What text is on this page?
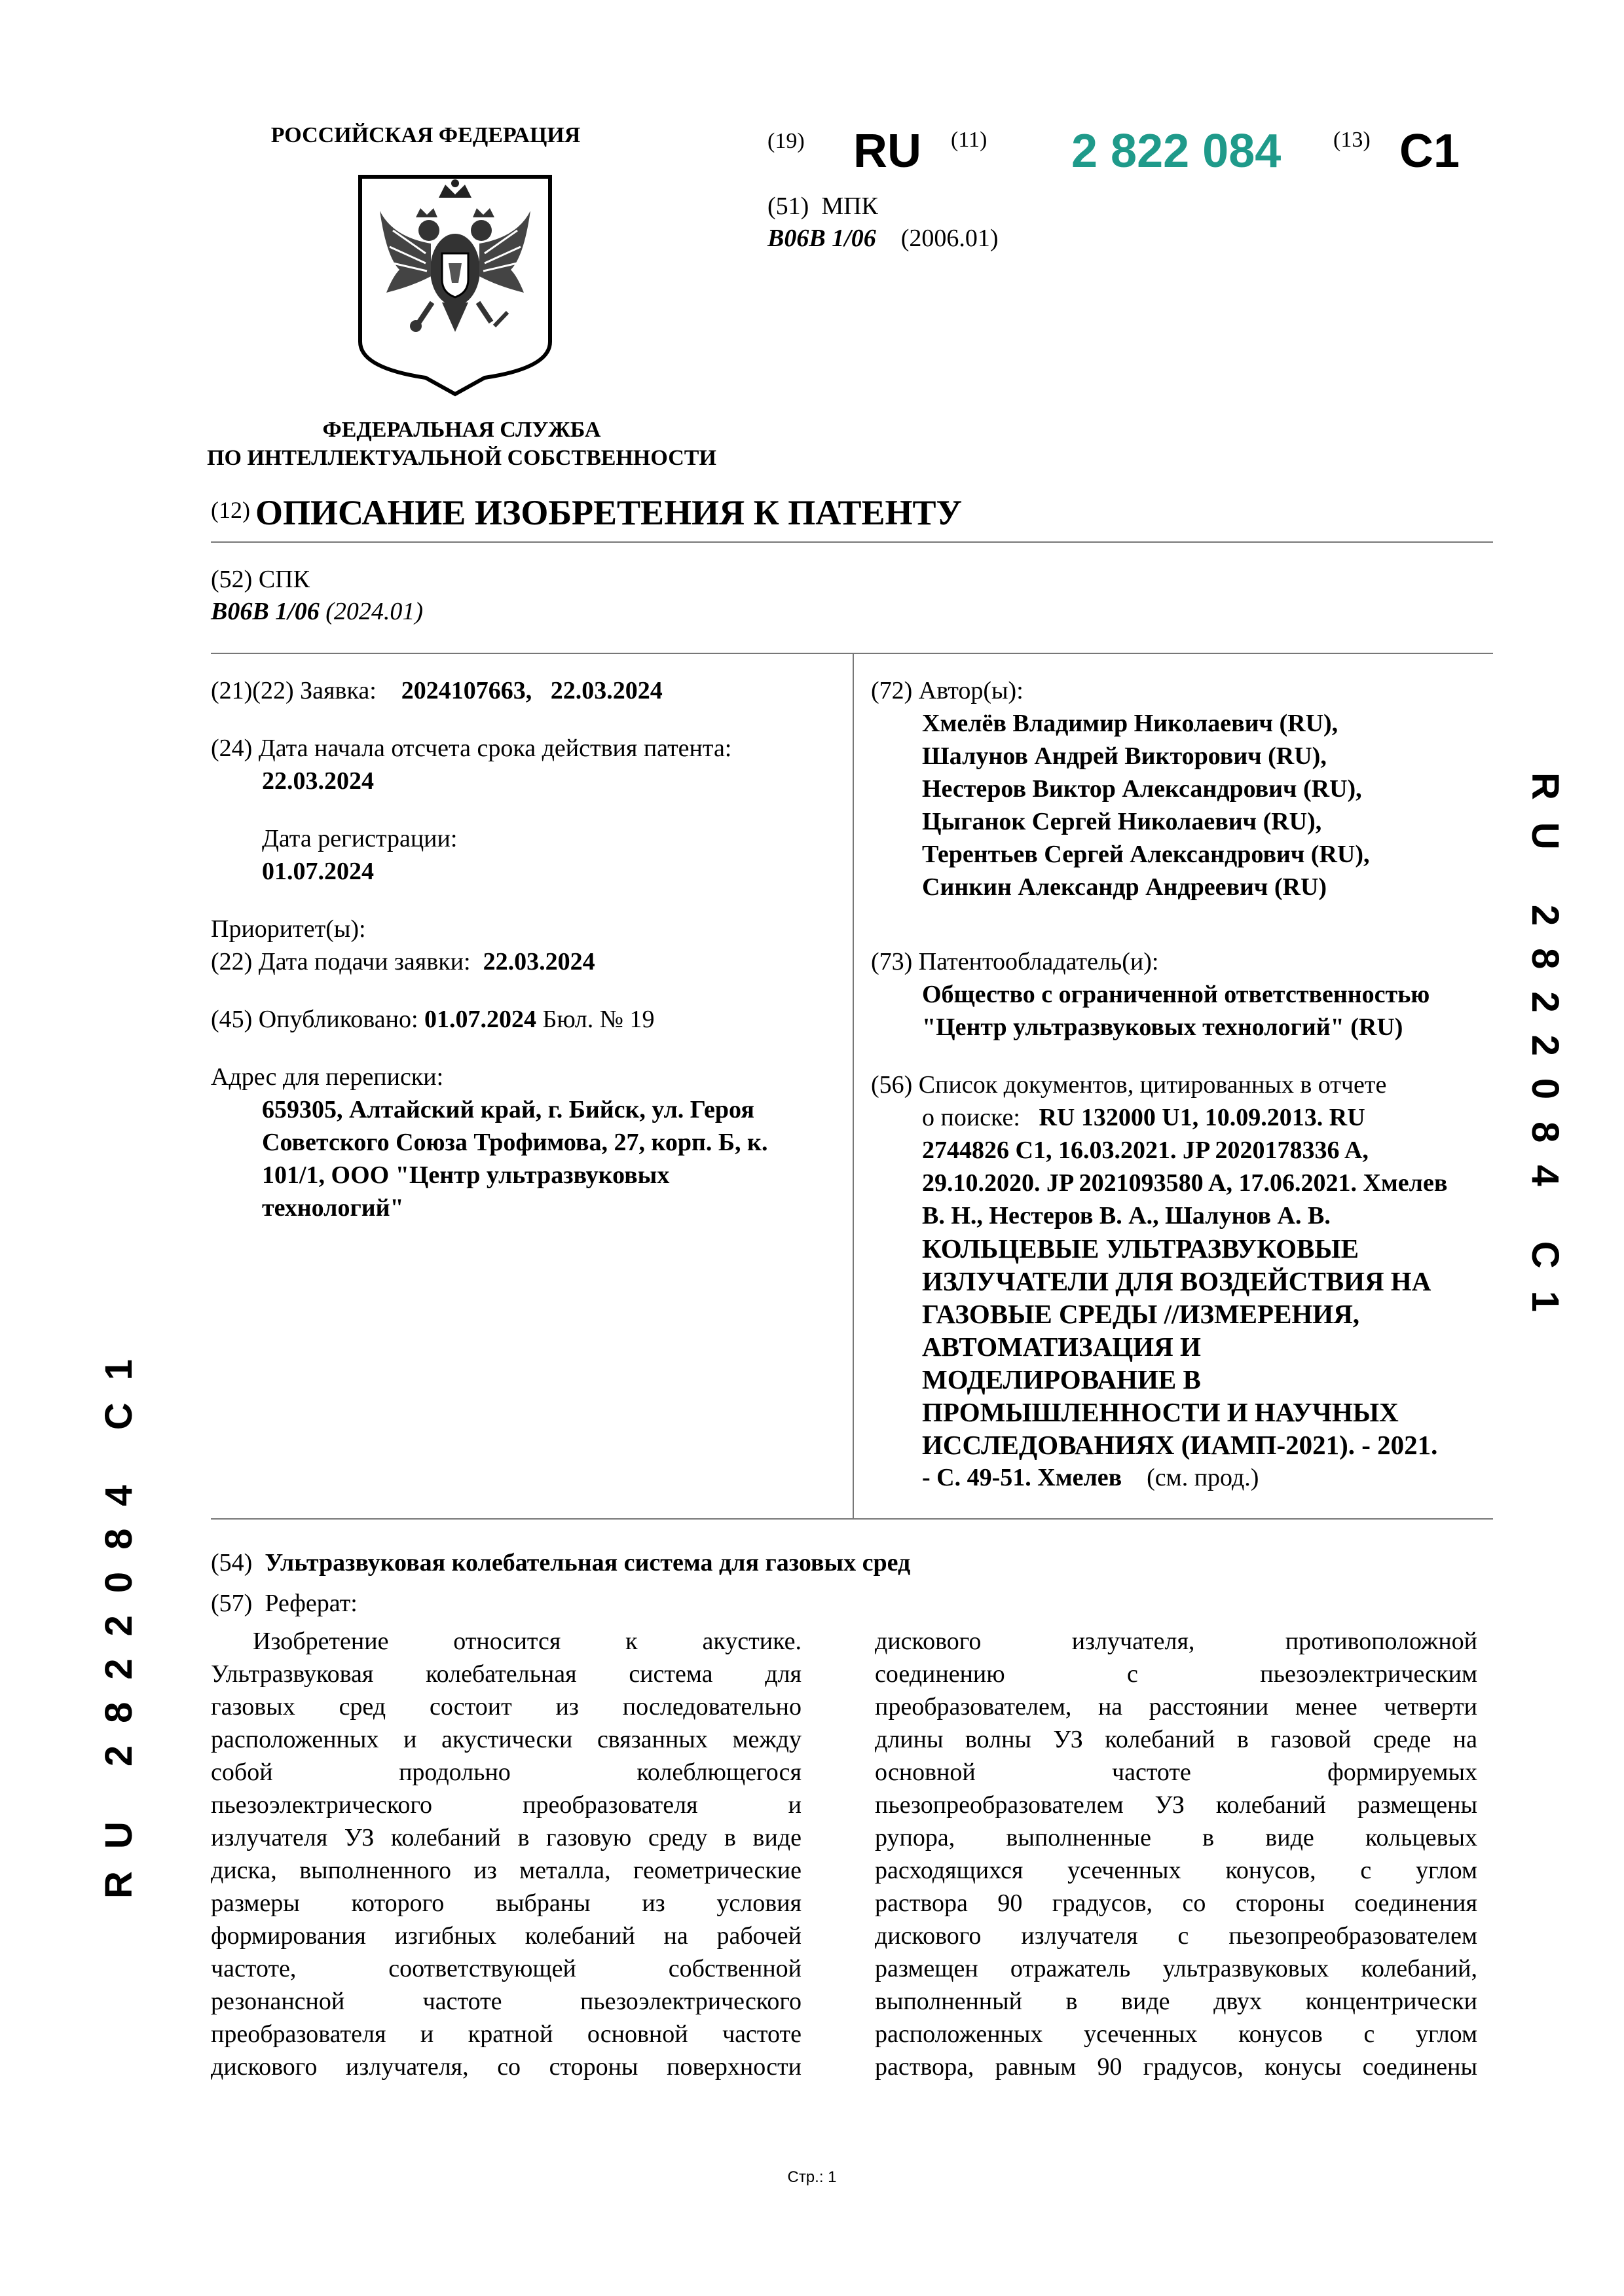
РОССИЙСКАЯ ФЕДЕРАЦИЯ
ФЕДЕРАЛЬНАЯ СЛУЖБА
ПО ИНТЕЛЛЕКТУАЛЬНОЙ СОБСТВЕННОСТИ
(19) RU (11) 2 822 084 (13) C1
(51) МПК
B06B 1/06 (2006.01)
(12) ОПИСАНИЕ ИЗОБРЕТЕНИЯ К ПАТЕНТУ
(52) СПК
B06B 1/06 (2024.01)
(21)(22) Заявка: 2024107663, 22.03.2024
(24) Дата начала отсчета срока действия патента:
22.03.2024
Дата регистрации:
01.07.2024
Приоритет(ы):
(22) Дата подачи заявки: 22.03.2024
(45) Опубликовано: 01.07.2024 Бюл. № 19
Адрес для переписки:
659305, Алтайский край, г. Бийск, ул. Героя
Советского Союза Трофимова, 27, корп. Б, к.
101/1, ООО "Центр ультразвуковых
технологий"
(72) Автор(ы):
Хмелёв Владимир Николаевич (RU),
Шалунов Андрей Викторович (RU),
Нестеров Виктор Александрович (RU),
Цыганок Сергей Николаевич (RU),
Терентьев Сергей Александрович (RU),
Синкин Александр Андреевич (RU)
(73) Патентообладатель(и):
Общество с ограниченной ответственностью
"Центр ультразвуковых технологий" (RU)
(56) Список документов, цитированных в отчете
о поиске: RU 132000 U1, 10.09.2013. RU
2744826 C1, 16.03.2021. JP 2020178336 A,
29.10.2020. JP 2021093580 A, 17.06.2021. Хмелев
В. Н., Нестеров В. А., Шалунов А. В.
КОЛЬЦЕВЫЕ УЛЬТРАЗВУКОВЫЕ
ИЗЛУЧАТЕЛИ ДЛЯ ВОЗДЕЙСТВИЯ НА
ГАЗОВЫЕ СРЕДЫ //ИЗМЕРЕНИЯ,
АВТОМАТИЗАЦИЯ И
МОДЕЛИРОВАНИЕ В
ПРОМЫШЛЕННОСТИ И НАУЧНЫХ
ИССЛЕДОВАНИЯХ (ИАМП-2021). - 2021.
- С. 49-51. Хмелев (см. прод.)
(54) Ультразвуковая колебательная система для газовых сред
(57) Реферат:
Изобретение относится к акустике.
Ультразвуковая колебательная система для
газовых сред состоит из последовательно
расположенных и акустически связанных между
собой продольно колеблющегося
пьезоэлектрического преобразователя и
излучателя УЗ колебаний в газовую среду в виде
диска, выполненного из металла, геометрические
размеры которого выбраны из условия
формирования изгибных колебаний на рабочей
частоте, соответствующей собственной
резонансной частоте пьезоэлектрического
преобразователя и кратной основной частоте
дискового излучателя, со стороны поверхности
дискового излучателя, противоположной
соединению с пьезоэлектрическим
преобразователем, на расстоянии менее четверти
длины волны УЗ колебаний в газовой среде на
основной частоте формируемых
пьезопреобразователем УЗ колебаний размещены
рупора, выполненные в виде кольцевых
расходящихся усеченных конусов, с углом
раствора 90 градусов, со стороны соединения
дискового излучателя с пьезопреобразователем
размещен отражатель ультразвуковых колебаний,
выполненный в виде двух концентрически
расположенных усеченных конусов с углом
раствора, равным 90 градусов, конусы соединены
RU 2822084 C1
RU 2822084 C1
Стр.: 1
